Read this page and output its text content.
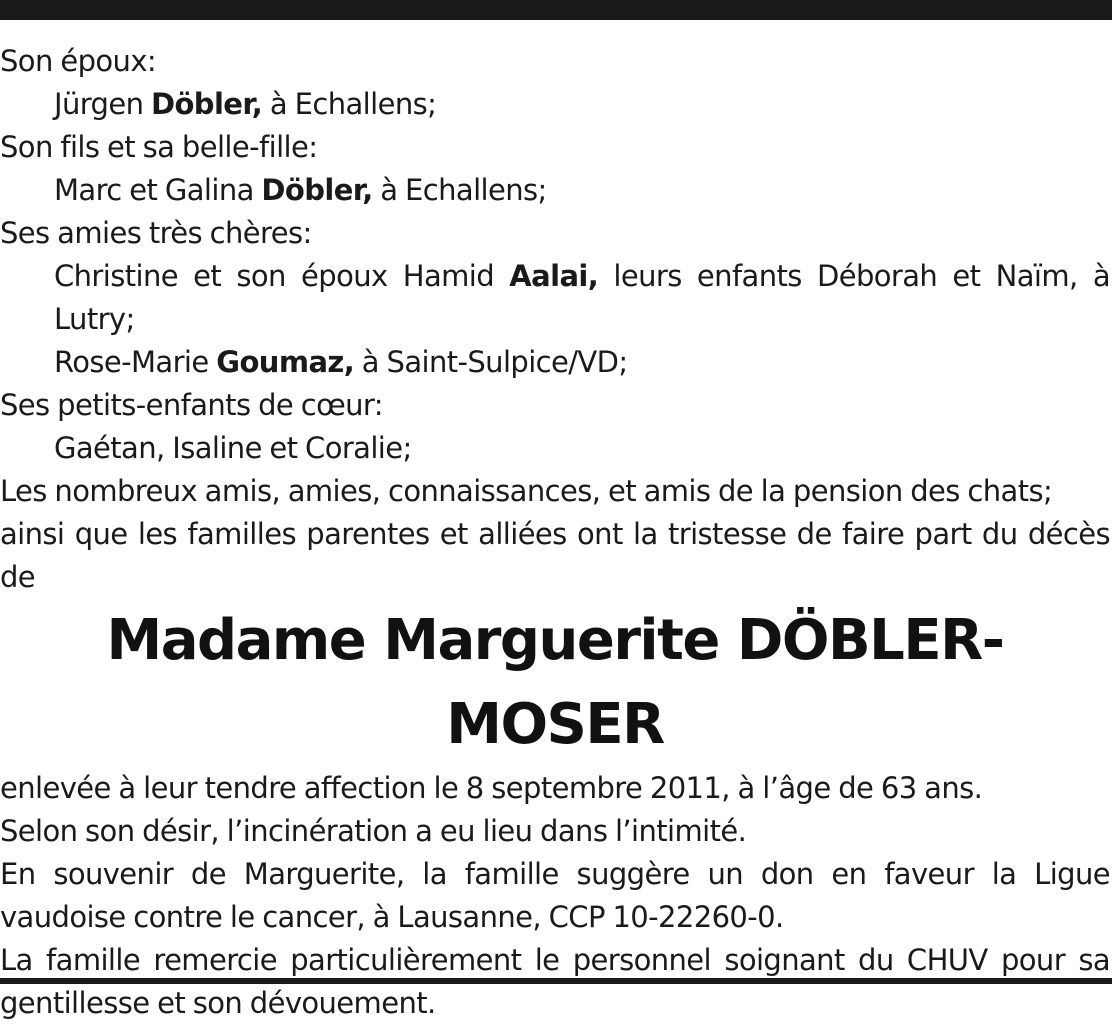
Son époux:

Jürgen Döbler, à Echallens;

Son fils et sa belle-fille:

Marc et Galina Döbler, à Echallens;

Ses amies très chères:

Christine et son époux Hamid Aalai, leurs enfants Déborah et Naïm, à Lutry;

Rose-Marie Goumaz, à Saint-Sulpice/VD;

Ses petits-enfants de cœur:

Gaétan, Isaline et Coralie;

Les nombreux amis, amies, connaissances, et amis de la pension des chats;

ainsi que les familles parentes et alliées ont la tristesse de faire part du décès de

Madame Marguerite DÖBLER-MOSER

enlevée à leur tendre affection le 8 septembre 2011, à l’âge de 63 ans.

Selon son désir, l’incinération a eu lieu dans l’intimité.

En souvenir de Marguerite, la famille suggère un don en faveur la Ligue vaudoise contre le cancer, à Lausanne, CCP 10-22260-0.

La famille remercie particulièrement le personnel soignant du CHUV pour sa gentillesse et son dévouement.
